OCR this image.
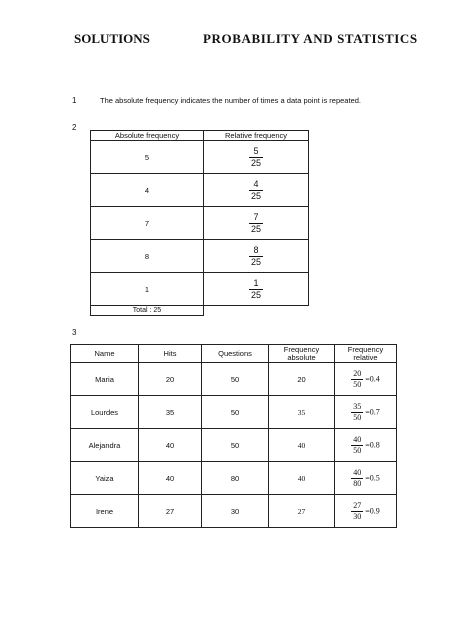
SOLUTIONS	PROBABILITY AND STATISTICS
1	The absolute frequency indicates the number of times a data point is repeated.
2
Absolute frequency	Relative frequency
5	$\frac{5}{25}$

4	$\frac{4}{25}$

7	$\frac{7}{25}$

8	$\frac{8}{25}$

1	$\frac{1}{25}$

Total : 25	
3
Name	Hits	Questions	Frequency absolute	Frequency relative
Maria	20	50	20	$\frac{20}{50} =0.4$
Lourdes	35	50	35	$\frac{35}{50} =0.7$
Alejandra	40	50	40	$\frac{40}{50} =0.8$
Yaiza	40	80	40	$\frac{40}{80} =0.5$
Irene	27	30	27	$\frac{27}{30} =0.9$
